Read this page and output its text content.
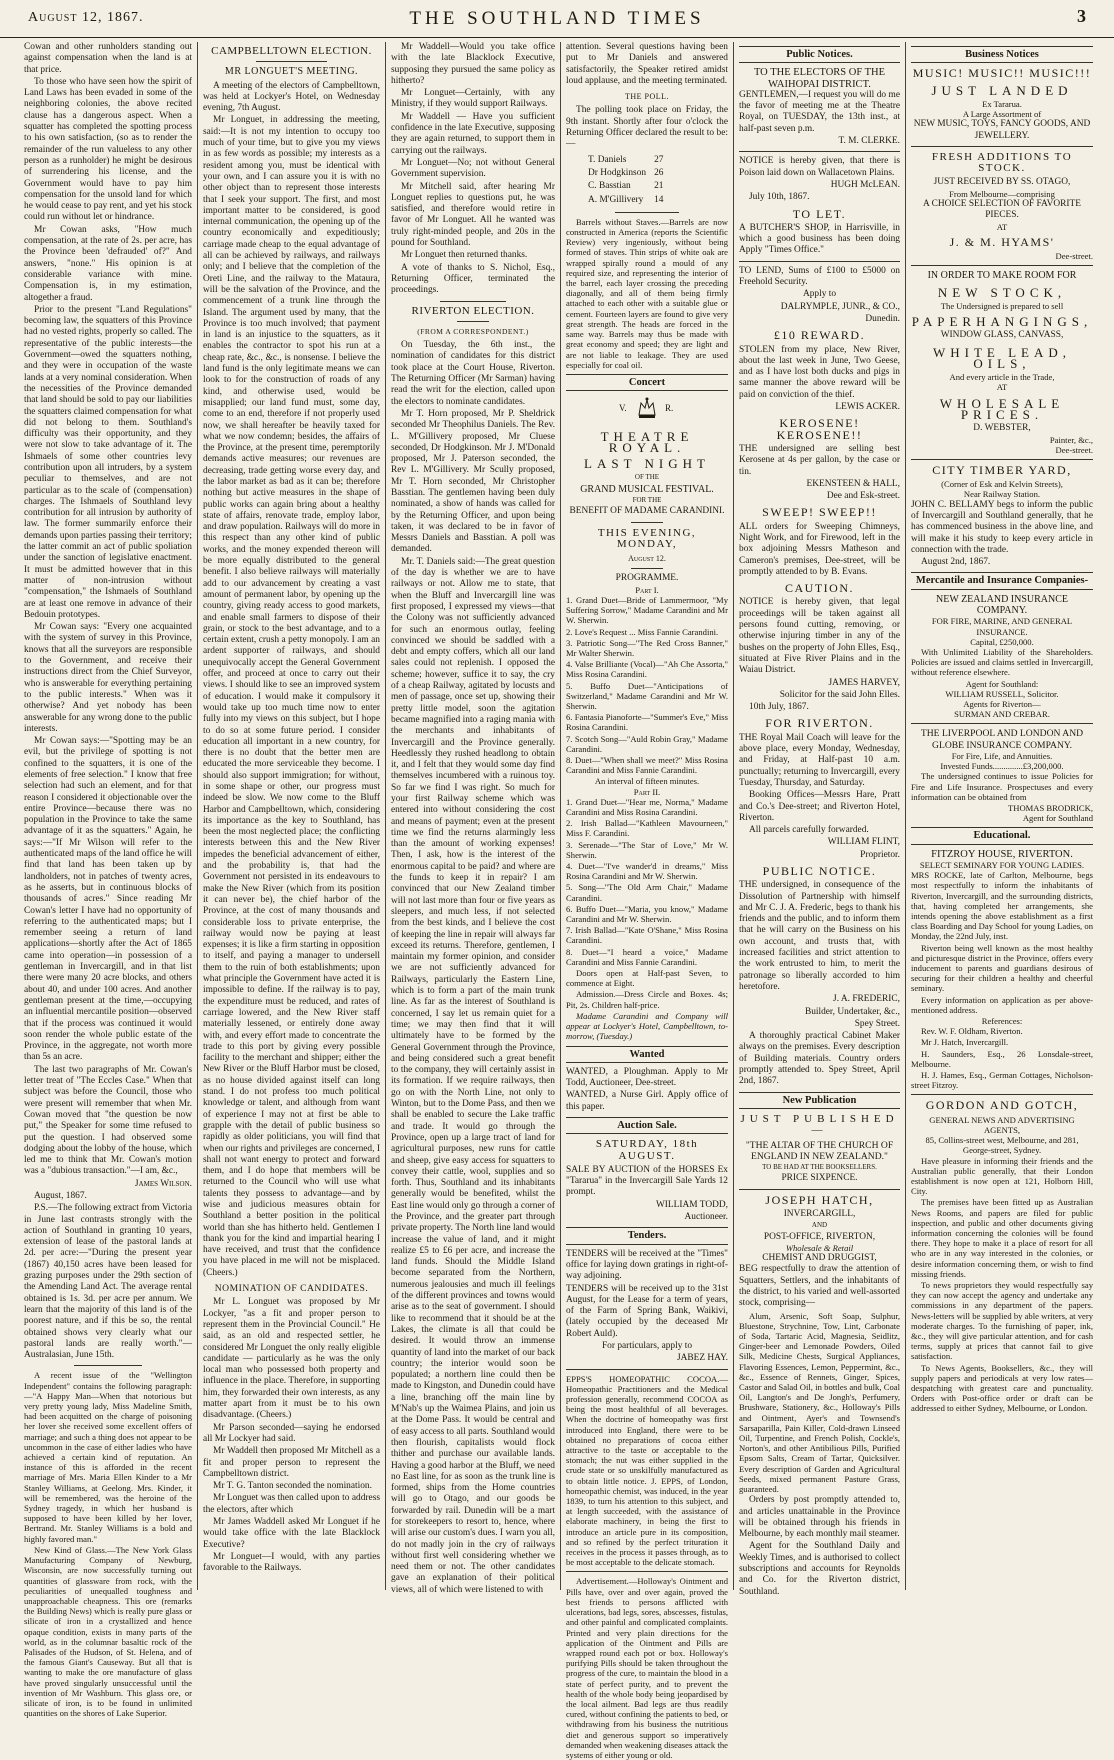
August 12, 1867.	THE SOUTHLAND TIMES	3

Cowan and other runholders standing out against compensation when the land is at that price.

To those who have seen how the spirit of Land Laws has been evaded in some of the neighboring colonies, the above recited clause has a dangerous aspect. When a squatter has completed the spotting process to his own satisfaction, (so as to render the remainder of the run valueless to any other person as a runholder) he might be desirous of surrendering his license, and the Government would have to pay him compensation for the unsold land for which he would cease to pay rent, and yet his stock could run without let or hindrance.

Mr Cowan asks, "How much compensation, at the rate of 2s. per acre, has the Province been 'defrauded' of?" And answers, "none." His opinion is at considerable variance with mine. Compensation is, in my estimation, altogether a fraud.

Prior to the present "Land Regulations" becoming law, the squatters of this Province had no vested rights, properly so called. The representative of the public interests—the Government—owed the squatters nothing, and they were in occupation of the waste lands at a very nominal consideration. When the necessities of the Province demanded that land should be sold to pay our liabilities the squatters claimed compensation for what did not belong to them. Southland's difficulty was their opportunity, and they were not slow to take advantage of it. The Ishmaels of some other countries levy contribution upon all intruders, by a system peculiar to themselves, and are not particular as to the scale of (compensation) charges. The Ishmaels of Southland levy contribution for all intrusion by authority of law. The former summarily enforce their demands upon parties passing their territory; the latter commit an act of public spoliation under the sanction of legislative enactment. It must be admitted however that in this matter of non-intrusion without "compensation," the Ishmaels of Southland are at least one remove in advance of their Bedouin prototypes.

Mr Cowan says: "Every one acquainted with the system of survey in this Province, knows that all the surveyors are responsible to the Government, and receive their instructions direct from the Chief Surveyor, who is answerable for everything pertaining to the public interests." When was it otherwise? And yet nobody has been answerable for any wrong done to the public interests.

Mr Cowan says:—"Spotting may be an evil, but the privilege of spotting is not confined to the squatters, it is one of the elements of free selection." I know that free selection had such an element, and for that reason I considered it objectionable over the entire Province—because there was no population in the Province to take the same advantage of it as the squatters." Again, he says:—"If Mr Wilson will refer to the authenticated maps of the land office he will find that land has been taken up by landholders, not in patches of twenty acres, as he asserts, but in continuous blocks of thousands of acres." Since reading Mr Cowan's letter I have had no opportunity of referring to the authenticated maps; but I remember seeing a return of land applications—shortly after the Act of 1865 came into operation—in possession of a gentleman in Invercargill, and in that list there were many 20 acre blocks, and others about 40, and under 100 acres. And another gentleman present at the time,—occupying an influential mercantile position—observed that if the process was continued it would soon render the whole public estate of the Province, in the aggregate, not worth more than 5s an acre.

The last two paragraphs of Mr. Cowan's letter treat of "The Eccles Case." When that subject was before the Council, those who were present will remember that when Mr. Cowan moved that "the question be now put," the Speaker for some time refused to put the question. I had observed some dodging about the lobby of the house, which led me to think that Mr. Cowan's motion was a "dubious transaction."—I am, &c.,

James Wilson.

August, 1867.

P.S.—The following extract from Victoria in June last contrasts strongly with the action of Southland in granting 10 years, extension of lease of the pastoral lands at 2d. per acre:—"During the present year (1867) 40,150 acres have been leased for grazing purposes under the 29th section of the Amending Land Act. The average rental obtained is 1s. 3d. per acre per annum. We learn that the majority of this land is of the poorest nature, and if this be so, the rental obtained shows very clearly what our pastoral lands are really worth."—Australasian, June 15th.

A recent issue of the "Wellington Independent" contains the following paragraph:—"A Happy Man—When that notorious but very pretty young lady, Miss Madeline Smith, had been acquitted on the charge of poisoning her lover she received some excellent offers of marriage; and such a thing does not appear to be uncommon in the case of either ladies who have achieved a certain kind of reputation. An instance of this is afforded in the recent marriage of Mrs. Maria Ellen Kinder to a Mr Stanley Williams, at Geelong. Mrs. Kinder, it will be remembered, was the heroine of the Sydney tragedy, in which her husband is supposed to have been killed by her lover, Bertrand. Mr. Stanley Williams is a bold and highly favored man."

New Kind of Glass.—The New York Glass Manufacturing Company of Newburg, Wisconsin, are now successfully turning out quantities of glassware from rock, with the peculiarities of unequalled toughness and unapproachable cheapness. This ore (remarks the Building News) which is really pure glass or silicate of iron in a crystallized and hence opaque condition, exists in many parts of the world, as in the columnar basaltic rock of the Palisades of the Hudson, of St. Helena, and of the famous Giant's Causeway. But all that is wanting to make the ore manufacture of glass have proved singularly unsuccessful until the invention of Mr Washburn. This glass ore, or silicate of iron, is to be found in unlimited quantities on the shores of Lake Superior.

CAMPBELLTOWN ELECTION.
MR LONGUET'S MEETING.

A meeting of the electors of Campbelltown, was held at Lockyer's Hotel, on Wednesday evening, 7th August.

Mr Longuet, in addressing the meeting, said:—It is not my intention to occupy too much of your time, but to give you my views in as few words as possible; my interests as a resident among you, must be identical with your own, and I can assure you it is with no other object than to represent those interests that I seek your support. The first, and most important matter to be considered, is good internal communication, the opening up of the country economically and expeditiously; carriage made cheap to the equal advantage of all can be achieved by railways, and railways only; and I believe that the completion of the Oreti Line, and the railway to the Mataura, will be the salvation of the Province, and the commencement of a trunk line through the Island. The argument used by many, that the Province is too much involved; that payment in land is an injustice to the squatters, as it enables the contractor to spot his run at a cheap rate, &c., &c., is nonsense. I believe the land fund is the only legitimate means we can look to for the construction of roads of any kind, and otherwise used, would be misapplied; our land fund must, some day, come to an end, therefore if not properly used now, we shall hereafter be heavily taxed for what we now condemn; besides, the affairs of the Province, at the present time, peremptorily demands active measures; our revenues are decreasing, trade getting worse every day, and the labor market as bad as it can be; therefore nothing but active measures in the shape of public works can again bring about a healthy state of affairs, renovate trade, employ labor, and draw population. Railways will do more in this respect than any other kind of public works, and the money expended thereon will be more equally distributed to the general benefit. I also believe railways will materially add to our advancement by creating a vast amount of permanent labor, by opening up the country, giving ready access to good markets, and enable small farmers to dispose of their grain, or stock to the best advantage, and to a certain extent, crush a petty monopoly. I am an ardent supporter of railways, and should unequivocally accept the General Government offer, and proceed at once to carry out their views. I should like to see an improved system of education. I would make it compulsory it would take up too much time now to enter fully into my views on this subject, but I hope to do so at some future period. I consider education all important in a new country, for there is no doubt that the better men are educated the more serviceable they become. I should also support immigration; for without, in some shape or other, our progress must indeed be slow. We now come to the Bluff Harbor and Campbelltown, which, considering its importance as the key to Southland, has been the most neglected place; the conflicting interests between this and the New River impedes the beneficial advancement of either, and the probability is, that had the Government not persisted in its endeavours to make the New River (which from its position it can never be), the chief harbor of the Province, at the cost of many thousands and considerable loss to private enterprise, the railway would now be paying at least expenses; it is like a firm starting in opposition to itself, and paying a manager to undersell them to the ruin of both establishments; upon what principle the Government have acted it is impossible to define. If the railway is to pay, the expenditure must be reduced, and rates of carriage lowered, and the New River staff materially lessened, or entirely done away with, and every effort made to concentrate the trade to this port by giving every possible facility to the merchant and shipper; either the New River or the Bluff Harbor must be closed, as no house divided against itself can long stand. I do not profess too much political knowledge or talent, and although from want of experience I may not at first be able to grapple with the detail of public business so rapidly as older politicians, you will find that when our rights and privileges are concerned, I shall not want energy to protect and forward them, and I do hope that members will be returned to the Council who will use what talents they possess to advantage—and by wise and judicious measures obtain for Southland a better position in the political world than she has hitherto held. Gentlemen I thank you for the kind and impartial hearing I have received, and trust that the confidence you have placed in me will not be misplaced. (Cheers.)

NOMINATION OF CANDIDATES.

Mr L. Longuet was proposed by Mr Lockyer, "as a fit and proper person to represent them in the Provincial Council." He said, as an old and respected settler, he considered Mr Longuet the only really eligible candidate — particularly as he was the only local man who possessed both property and influence in the place. Therefore, in supporting him, they forwarded their own interests, as any matter apart from it must be to his own disadvantage. (Cheers.)

Mr Parson seconded—saying he endorsed all Mr Lockyer had said.

Mr Waddell then proposed Mr Mitchell as a fit and proper person to represent the Campbelltown district.

Mr T. G. Tanton seconded the nomination.

Mr Longuet was then called upon to address the electors, after which

Mr James Waddell asked Mr Longuet if he would take office with the late Blacklock Executive?

Mr Longuet—I would, with any parties favorable to the Railways.

Mr Waddell—Would you take office with the late Blacklock Executive, supposing they pursued the same policy as hitherto?

Mr Longuet—Certainly, with any Ministry, if they would support Railways.

Mr Waddell — Have you sufficient confidence in the late Executive, supposing they are again returned, to support them in carrying out the railways.

Mr Longuet—No; not without General Government supervision.

Mr Mitchell said, after hearing Mr Longuet replies to questions put, he was satisfied, and therefore would retire in favor of Mr Longuet. All he wanted was truly right-minded people, and 20s in the pound for Southland.

Mr Longuet then returned thanks.

A vote of thanks to S. Nichol, Esq., Returning Officer, terminated the proceedings.

RIVERTON ELECTION.
(FROM A CORRESPONDENT.)

On Tuesday, the 6th inst., the nomination of candidates for this district took place at the Court House, Riverton. The Returning Officer (Mr Sarman) having read the writ for the election, called upon the electors to nominate candidates.

Mr T. Horn proposed, Mr P. Sheldrick seconded Mr Theophilus Daniels. The Rev. L. M'Gillivery proposed, Mr Cluese seconded, Dr Hodgkinson. Mr J. M'Donald proposed, Mr J. Paterson seconded, the Rev L. M'Gillivery. Mr Scully proposed, Mr T. Horn seconded, Mr Christopher Basstian. The gentlemen having been duly nominated, a show of hands was called for by the Returning Officer, and upon being taken, it was declared to be in favor of Messrs Daniels and Basstian. A poll was demanded.

Mr. T. Daniels said:—The great question of the day is whether we are to have railways or not. Allow me to state, that when the Bluff and Invercargill line was first proposed, I expressed my views—that the Colony was not sufficiently advanced for such an enormous outlay, feeling convinced we should be saddled with a debt and empty coffers, which all our land sales could not replenish. I opposed the scheme; however, suffice it to say, the cry of a cheap Railway, agitated by locusts and men of passage, once set up, showing their pretty little model, soon the agitation became magnified into a raging mania with the merchants and inhabitants of Invercargill and the Province generally. Heedlessly they rushed headlong to obtain it, and I felt that they would some day find themselves incumbered with a ruinous toy. So far we find I was right. So much for your first Railway scheme which was entered into without considering the cost and means of payment; even at the present time we find the returns alarmingly less than the amount of working expenses! Then, I ask, how is the interest of the enormous capital to be paid? and where are the funds to keep it in repair? I am convinced that our New Zealand timber will not last more than four or five years as sleepers, and much less, if not selected from the best kinds, and I believe the cost of keeping the line in repair will always far exceed its returns. Therefore, gentlemen, I maintain my former opinion, and consider we are not sufficiently advanced for Railways, particularly the Eastern Line, which is to form a part of the main trunk line. As far as the interest of Southland is concerned, I say let us remain quiet for a time; we may then find that it will ultimately have to be formed by the General Government through the Province, and being considered such a great benefit to the company, they will certainly assist in its formation. If we require railways, then go on with the North Line, not only to Winton, but to the Dome Pass, and then we shall be enabled to secure the Lake traffic and trade. It would go through the Province, open up a large tract of land for agricultural purposes, new runs for cattle and sheep, give easy access for squatters to convey their cattle, wool, supplies and so forth. Thus, Southland and its inhabitants generally would be benefited, whilst the East line would only go through a corner of the Province, and the greater part through private property. The North line land would increase the value of land, and it might realize £5 to £6 per acre, and increase the land funds. Should the Middle Island become separated from the Northern, numerous jealousies and much ill feelings of the different provinces and towns would arise as to the seat of government. I should like to recommend that it should be at the Lakes, the climate is all that could be desired. It would throw an immense quantity of land into the market of our back country; the interior would soon be populated; a northern line could then be made to Kingston, and Dunedin could have a line, branching off the main line by M'Nab's up the Waimea Plains, and join us at the Dome Pass. It would be central and of easy access to all parts. Southland would then flourish, capitalists would flock thither and purchase our available lands. Having a good harbor at the Bluff, we need no East line, for as soon as the trunk line is formed, ships from the Home countries will go to Otago, and our goods be forwarded by rail. Dunedin will be a mart for storekeepers to resort to, hence, where will arise our custom's dues. I warn you all, do not madly join in the cry of railways without first well considering whether we need them or not. The other candidates gave an explanation of their political views, all of which were listened to with

attention. Several questions having been put to Mr Daniels and answered satisfactorily, the Speaker retired amidst loud applause, and the meeting terminated.

THE POLL.

The polling took place on Friday, the 9th instant. Shortly after four o'clock the Returning Officer declared the result to be:—

T. Daniels	27
Dr Hodgkinson	26
C. Basstian	21
A. M'Gillivery	14

Barrels without Staves.—Barrels are now constructed in America (reports the Scientific Review) very ingeniously, without being formed of staves. Thin strips of white oak are wrapped spirally round a mould of any required size, and representing the interior of the barrel, each layer crossing the preceding diagonally, and all of them being firmly attached to each other with a suitable glue or cement. Fourteen layers are found to give very great strength. The heads are forced in the same way. Barrels may thus be made with great economy and speed; they are light and are not liable to leakage. They are used especially for coal oil.

Concert
V.	R.
THEATRE ROYAL.
LAST NIGHT
OF THE
GRAND MUSICAL FESTIVAL.
FOR THE
BENEFIT OF MADAME CARANDINI.
THIS EVENING, MONDAY,
August 12.
PROGRAMME.
Part I.

1. Grand Duet—Bride of Lammermoor, "My Suffering Sorrow," Madame Carandini and Mr W. Sherwin.

2. Love's Request ... Miss Fannie Carandini.

3. Patriotic Song—"The Red Cross Banner," Mr Walter Sherwin.

4. Valse Brilliante (Vocal)—"Ah Che Assorta," Miss Rosina Carandini.

5. Buffo Duet—"Anticipations of Switzerland," Madame Carandini and Mr W. Sherwin.

6. Fantasia Pianoforte—"Summer's Eve," Miss Rosina Carandini.

7. Scotch Song—"Auld Robin Gray," Madame Carandini.

8. Duet—"When shall we meet?" Miss Rosina Carandini and Miss Fannie Carandini.

An interval of fifteen minutes.
Part II.

1. Grand Duet—"Hear me, Norma," Madame Carandini and Miss Rosina Carandini.

2. Irish Ballad—"Kathleen Mavourneen," Miss F. Carandini.

3. Serenade—"The Star of Love," Mr W. Sherwin.

4. Duet—"I've wander'd in dreams," Miss Rosina Carandini and Mr W. Sherwin.

5. Song—"The Old Arm Chair," Madame Carandini.

6. Buffo Duet—"Maria, you know," Madame Carandini and Mr W. Sherwin.

7. Irish Ballad—"Kate O'Shane," Miss Rosina Carandini.

8. Duet—"I heard a voice," Madame Carandini and Miss Fannie Carandini.

Doors open at Half-past Seven, to commence at Eight.

Admission.—Dress Circle and Boxes. 4s; Pit, 2s. Children half-price.

Madame Carandini and Company will appear at Lockyer's Hotel, Campbelltown, to-morrow, (Tuesday.)

Wanted

WANTED, a Ploughman. Apply to Mr Todd, Auctioneer, Dee-street.

WANTED, a Nurse Girl. Apply office of this paper.

Auction Sale.
SATURDAY, 18th AUGUST.

SALE BY AUCTION of the HORSES Ex "Tararua" in the Invercargill Sale Yards 12 prompt.

WILLIAM TODD,

Auctioneer.

Tenders.

TENDERS will be received at the "Times" office for laying down gratings in right-of-way adjoining.

TENDERS will be received up to the 31st August, for the Lease for a term of years, of the Farm of Spring Bank, Waikivi, (lately occupied by the deceased Mr Robert Auld).

For particulars, apply to

JABEZ HAY.

EPPS'S HOMEOPATHIC COCOA.—Homeopathic Practitioners and the Medical profession generally, recommend COCOA as being the most healthful of all beverages. When the doctrine of homeopathy was first introduced into England, there were to be obtained no preparations of cocoa either attractive to the taste or acceptable to the stomach; the nut was either supplied in the crude state or so unskilfully manufactured as to obtain little notice. J. EPPS, of London, homeopathic chemist, was induced, in the year 1839, to turn his attention to this subject, and at length succeeded, with the assistance of elaborate machinery, in being the first to introduce an article pure in its composition, and so refined by the perfect trituration it receives in the process it passes through, as to be most acceptable to the delicate stomach.

Advertisement.—Holloway's Ointment and Pills have, over and over again, proved the best friends to persons afflicted with ulcerations, bad legs, sores, abscesses, fistulas, and other painful and complicated complaints. Printed and very plain directions for the application of the Ointment and Pills are wrapped round each pot or box. Holloway's purifying Pills should be taken throughout the progress of the cure, to maintain the blood in a state of perfect purity, and to prevent the health of the whole body being jeopardised by the local ailment. Bad legs are thus readily cured, without confining the patients to bed, or withdrawing from his business the nutritious diet and generous support so imperatively demanded when weakening diseases attack the systems of either young or old.

Public Notices.
TO THE ELECTORS OF THE WAIHOPAI DISTRICT.

GENTLEMEN,—I request you will do me the favor of meeting me at the Theatre Royal, on TUESDAY, the 13th inst., at half-past seven p.m.

T. M. CLERKE.

NOTICE is hereby given, that there is Poison laid down on Wallacetown Plains.

HUGH McLEAN.

July 10th, 1867.

TO LET.

A BUTCHER'S SHOP, in Harrisville, in which a good business has been doing Apply "Times Office."

TO LEND, Sums of £100 to £5000 on Freehold Security.

Apply to

DALRYMPLE, JUNR., & CO.,

Dunedin.

£10 REWARD.

STOLEN from my place, New River, about the last week in June, Two Geese, and as I have lost both ducks and pigs in same manner the above reward will be paid on conviction of the thief.

LEWIS ACKER.

KEROSENE! KEROSENE!!

THE undersigned are selling best Kerosene at 4s per gallon, by the case or tin.

EKENSTEEN & HALL,

Dee and Esk-street.

SWEEP! SWEEP!!

ALL orders for Sweeping Chimneys, Night Work, and for Firewood, left in the box adjoining Messrs Matheson and Cameron's premises, Dee-street, will be promptly attended to by B. Evans.

CAUTION.

NOTICE is hereby given, that legal proceedings will be taken against all persons found cutting, removing, or otherwise injuring timber in any of the bushes on the property of John Elles, Esq., situated at Five River Plains and in the Waiau District.

JAMES HARVEY,

Solicitor for the said John Elles.

10th July, 1867.

FOR RIVERTON.

THE Royal Mail Coach will leave for the above place, every Monday, Wednesday, and Friday, at Half-past 10 a.m. punctually; returning to Invercargill, every Tuesday, Thursday, and Saturday.

Booking Offices—Messrs Hare, Pratt and Co.'s Dee-street; and Riverton Hotel, Riverton.

All parcels carefully forwarded.

WILLIAM FLINT,

Proprietor.

PUBLIC NOTICE.

THE undersigned, in consequence of the Dissolution of Partnership with himself and Mr C. J. A. Frederic, begs to thank his friends and the public, and to inform them that he will carry on the Business on his own account, and trusts that, with increased facilities and strict attention to the work entrusted to him, to merit the patronage so liberally accorded to him heretofore.

J. A. FREDERIC,

Builder, Undertaker, &c.,

Spey Street.

A thoroughly practical Cabinet Maker always on the premises. Every description of Building materials. Country orders promptly attended to. Spey Street, April 2nd, 1867.

New Publication
JUST PUBLISHED—
"THE ALTAR OF THE CHURCH OF ENGLAND IN NEW ZEALAND."
TO BE HAD AT THE BOOKSELLERS.
PRICE SIXPENCE.
JOSEPH HATCH,
INVERCARGILL,
AND
POST-OFFICE, RIVERTON,
Wholesale & Retail
CHEMIST AND DRUGGIST,

BEG respectfully to draw the attention of Squatters, Settlers, and the inhabitants of the district, to his varied and well-assorted stock, comprising—

Alum, Arsenic, Soft Soap, Sulphur, Bluestone, Strychnine, Tow, Lint, Carbonate of Soda, Tartaric Acid, Magnesia, Seidlitz, Ginger-beer and Lemonade Powders, Oiled Silk, Medicine Chests, Surgical Appliances, Flavoring Essences, Lemon, Peppermint, &c., &c., Essence of Rennets, Ginger, Spices, Castor and Salad Oil, in bottles and bulk, Coal Oil, Langton's and De Jongh's, Perfumery, Brushware, Stationery, &c., Holloway's Pills and Ointment, Ayer's and Townsend's Sarsaparilla, Pain Killer, Cold-drawn Linseed Oil, Turpentine, and French Polish, Cockle's, Norton's, and other Antibilious Pills, Purified Epsom Salts, Cream of Tartar, Quicksilver. Every description of Garden and Agricultural Seeds, mixed permanent Pasture Grass, guaranteed.

Orders by post promptly attended to, and articles unattainable in the Province will be obtained through his friends in Melbourne, by each monthly mail steamer.

Agent for the Southland Daily and Weekly Times, and is authorised to collect subscriptions and accounts for Reynolds and Co. for the Riverton district, Southland.

Business Notices
MUSIC! MUSIC!! MUSIC!!!
JUST LANDED
Ex Tararua.
A Large Assortment of
NEW MUSIC, TOYS, FANCY GOODS, AND JEWELLERY.
FRESH ADDITIONS TO STOCK.
JUST RECEIVED BY SS. OTAGO,
From Melbourne—comprising
A CHOICE SELECTION OF FAVORITE PIECES.
AT
J. & M. HYAMS'
Dee-street.
IN ORDER TO MAKE ROOM FOR
NEW STOCK,
The Undersigned is prepared to sell
PAPERHANGINGS,
WINDOW GLASS, CANVASS,
WHITE LEAD, OILS,
And every article in the Trade,
AT
WHOLESALE PRICES.
D. WEBSTER,
Painter, &c.,
Dee-street.
CITY TIMBER YARD,
(Corner of Esk and Kelvin Streets),
Near Railway Station.

JOHN C. BELLAMY begs to inform the public of Invercargill and Southland generally, that he has commenced business in the above line, and will make it his study to keep every article in connection with the trade.

August 2nd, 1867.

Mercantile and Insurance Companies-
NEW ZEALAND INSURANCE COMPANY.
FOR FIRE, MARINE, AND GENERAL INSURANCE.
Capital, £250,000.

With Unlimited Liability of the Shareholders. Policies are issued and claims settled in Invercargill, without reference elsewhere.

Agent for Southland:
WILLIAM RUSSELL, Solicitor.
Agents for Riverton—
SURMAN AND CREBAR.
THE LIVERPOOL AND LONDON AND GLOBE INSURANCE COMPANY.
For Fire, Life, and Annuities.
Invested Funds..............£3,200,000.

The undersigned continues to issue Policies for Fire and Life Insurance. Prospectuses and every information can be obtained from

THOMAS BRODRICK,
Agent for Southland
Educational.
FITZROY HOUSE, RIVERTON.
SELECT SEMINARY FOR YOUNG LADIES.

MRS ROCKE, late of Carlton, Melbourne, begs most respectfully to inform the inhabitants of Riverton, Invercargill, and the surrounding districts, that, having completed her arrangements, she intends opening the above establishment as a first class Boarding and Day School for young Ladies, on Monday, the 22nd July, inst.

Riverton being well known as the most healthy and picturesque district in the Province, offers every inducement to parents and guardians desirous of securing for their children a healthy and cheerful seminary.

Every information on application as per above-mentioned address.

References:

Rev. W. F. Oldham, Riverton.

Mr J. Hatch, Invercargill.

H. Saunders, Esq., 26 Lonsdale-street, Melbourne.

H. J. Hames, Esq., German Cottages, Nicholson-street Fitzroy.

GORDON AND GOTCH,
GENERAL NEWS AND ADVERTISING AGENTS,
85, Collins-street west, Melbourne, and 281, George-street, Sydney.

Have pleasure in informing their friends and the Australian public generally, that their London establishment is now open at 121, Holborn Hill, City.

The premises have been fitted up as Australian News Rooms, and papers are filed for public inspection, and public and other documents giving information concerning the colonies will be found there. They hope to make it a place of resort for all who are in any way interested in the colonies, or desire information concerning them, or wish to find missing friends.

To news proprietors they would respectfully say they can now accept the agency and undertake any commissions in any department of the papers. News-letters will be supplied by able writers, at very moderate charges. To the furnishing of paper, ink, &c., they will give particular attention, and for cash terms, supply at prices that cannot fail to give satisfaction.

To News Agents, Booksellers, &c., they will supply papers and periodicals at very low rates—despatching with greatest care and punctuality. Orders with Post-office order or draft can be addressed to either Sydney, Melbourne, or London.
